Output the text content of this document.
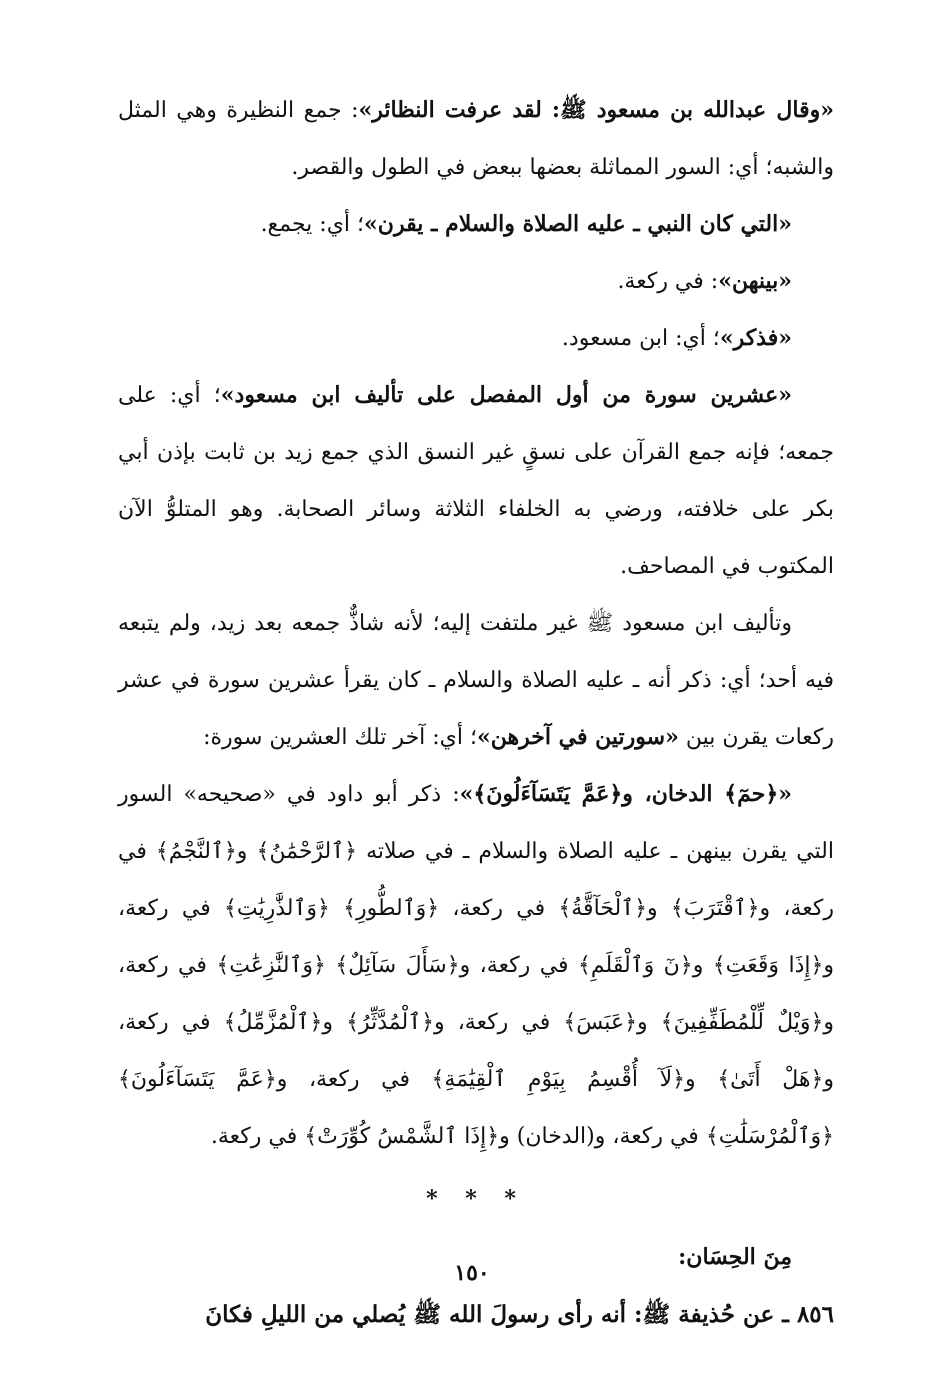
«وقال عبدالله بن مسعود ﷺ: لقد عرفت النظائر»: جمع النظيرة وهي المثل والشبه؛ أي: السور المماثلة بعضها ببعض في الطول والقصر.

«التي كان النبي ـ عليه الصلاة والسلام ـ يقرن»؛ أي: يجمع.

«بينهن»: في ركعة.

«فذكر»؛ أي: ابن مسعود.

«عشرين سورة من أول المفصل على تأليف ابن مسعود»؛ أي: على جمعه؛ فإنه جمع القرآن على نسقٍ غير النسق الذي جمع زيد بن ثابت بإذن أبي بكر على خلافته، ورضي به الخلفاء الثلاثة وسائر الصحابة. وهو المتلوُّ الآن المكتوب في المصاحف.

وتأليف ابن مسعود ﷺ غير ملتفت إليه؛ لأنه شاذٌّ جمعه بعد زيد، ولم يتبعه فيه أحد؛ أي: ذكر أنه ـ عليه الصلاة والسلام ـ كان يقرأ عشرين سورة في عشر ركعات يقرن بين «سورتين في آخرهن»؛ أي: آخر تلك العشرين سورة:

«﴿حمٓ﴾ الدخان، و﴿عَمَّ يَتَسَآءَلُونَ﴾»: ذكر أبو داود في «صحيحه» السور التي يقرن بينهن ـ عليه الصلاة والسلام ـ في صلاته ﴿ٱلرَّحْمَٰنُ﴾ و﴿ٱلنَّجْمُ﴾ في ركعة، و﴿ٱقْتَرَبَ﴾ و﴿ٱلْحَآقَّةُ﴾ في ركعة، ﴿وَٱلطُّورِ﴾ ﴿وَٱلذَّٰرِيَٰتِ﴾ في ركعة، و﴿إِذَا وَقَعَتِ﴾ و﴿نٓ وَٱلْقَلَمِ﴾ في ركعة، و﴿سَأَلَ سَآئِلٌ﴾ ﴿وَٱلنَّٰزِعَٰتِ﴾ في ركعة، و﴿وَيْلٌ لِّلْمُطَفِّفِينَ﴾ و﴿عَبَسَ﴾ في ركعة، و﴿ٱلْمُدَّثِّرُ﴾ و﴿ٱلْمُزَّمِّلُ﴾ في ركعة، و﴿هَلْ أَتَىٰ﴾ و﴿لَآ أُقْسِمُ بِيَوْمِ ٱلْقِيَٰمَةِ﴾ في ركعة، و﴿عَمَّ يَتَسَآءَلُونَ﴾ ﴿وَٱلْمُرْسَلَٰتِ﴾ في ركعة، و(الدخان) و﴿إِذَا ٱلشَّمْسُ كُوِّرَتْ﴾ في ركعة.

* * *
مِنَ الحِسَان:
٨٥٦ ـ عن حُذيفة ﷺ: أنه رأى رسولَ الله ﷺ يُصلي من الليلِ فكانَ
١٥٠
